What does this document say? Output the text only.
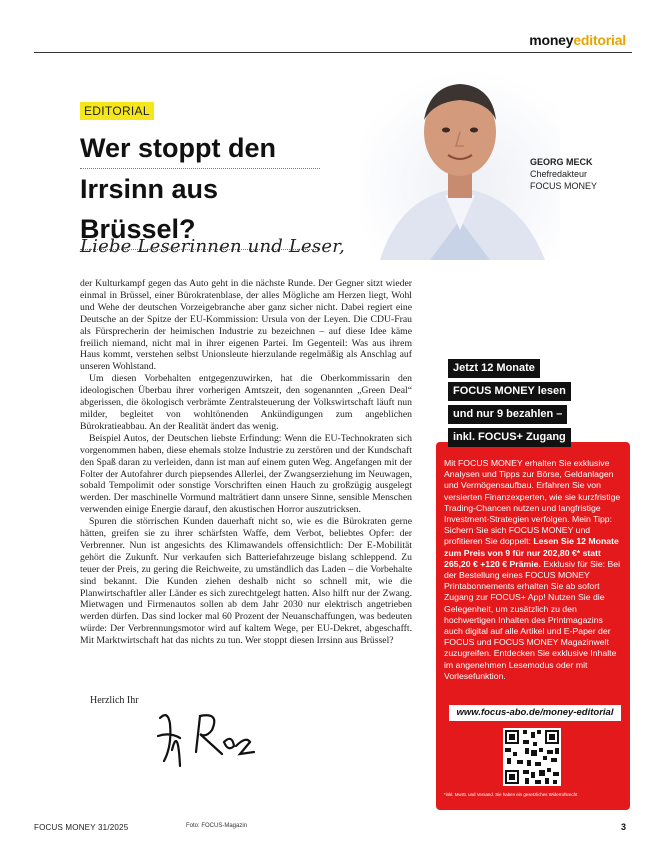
moneyeditorial
EDITORIAL
Wer stoppt den
Irrsinn aus Brüssel?
GEORG MECK
Chefredakteur
FOCUS MONEY
Liebe Leserinnen und Leser,

der Kulturkampf gegen das Auto geht in die nächste Runde. Der Gegner sitzt wieder einmal in Brüssel, einer Bürokratenblase, der alles Mögliche am Herzen liegt, Wohl und Wehe der deutschen Vorzeigebranche aber ganz sicher nicht. Dabei regiert eine Deutsche an der Spitze der EU-Kommission: Ursula von der Leyen. Die CDU-Frau als Fürsprecherin der heimischen Industrie zu bezeichnen – auf diese Idee käme freilich niemand, nicht mal in ihrer eigenen Partei. Im Gegenteil: Was aus ihrem Haus kommt, verstehen selbst Unionsleute hierzulande regelmäßig als Anschlag auf unseren Wohlstand.

Um diesen Vorbehalten entgegenzuwirken, hat die Oberkommissarin den ideologischen Überbau ihrer vorherigen Amtszeit, den sogenannten „Green Deal“ abgerissen, die ökologisch verbrämte Zentralsteuerung der Volkswirtschaft läuft nun milder, begleitet von wohltönenden Ankündigungen zum angeblichen Bürokratieabbau. An der Realität ändert das wenig.

Beispiel Autos, der Deutschen liebste Erfindung: Wenn die EU-Technokraten sich vorgenommen haben, diese ehemals stolze Industrie zu zerstören und der Kundschaft den Spaß daran zu verleiden, dann ist man auf einem guten Weg. Angefangen mit der Folter der Autofahrer durch piepsendes Allerlei, der Zwangserziehung im Neuwagen, sobald Tempolimit oder sonstige Vorschriften einen Hauch zu großzügig ausgelegt werden. Der maschinelle Vormund malträtiert dann unsere Sinne, sensible Menschen verwenden einige Energie darauf, den akustischen Horror auszutricksen.

Spuren die störrischen Kunden dauerhaft nicht so, wie es die Bürokraten gerne hätten, greifen sie zu ihrer schärfsten Waffe, dem Verbot, beliebtes Opfer: der Verbrenner. Nun ist angesichts des Klimawandels offensichtlich: Der E-Mobilität gehört die Zukunft. Nur verkaufen sich Batteriefahrzeuge bislang schleppend. Zu teuer der Preis, zu gering die Reichweite, zu umständlich das Laden – die Vorbehalte sind bekannt. Die Kunden ziehen deshalb nicht so schnell mit, wie die Planwirtschaftler aller Länder es sich zurechtgelegt hatten. Also hilft nur der Zwang. Mietwagen und Firmenautos sollen ab dem Jahr 2030 nur elektrisch angetrieben werden dürfen. Das sind locker mal 60 Prozent der Neuanschaffungen, was bedeuten würde: Der Verbrennungsmotor wird auf kaltem Wege, per EU-Dekret, abgeschafft. Mit Marktwirtschaft hat das nichts zu tun. Wer stoppt diesen Irrsinn aus Brüssel?

Herzlich Ihr
Jetzt 12 Monate
FOCUS MONEY lesen
und nur 9 bezahlen –
inkl. FOCUS+ Zugang
Mit FOCUS MONEY erhalten Sie exklusive Analysen und Tipps zur Börse, Geldanlagen und Vermögensaufbau. Erfahren Sie von versierten Finanzexperten, wie sie kurzfristige Trading-Chancen nutzen und langfristige Investment-Strategien verfolgen. Mein Tipp: Sichern Sie sich FOCUS MONEY und profitieren Sie doppelt: Lesen Sie 12 Monate zum Preis von 9 für nur 202,80 €* statt 265,20 € +120 € Prämie. Exklusiv für Sie: Bei der Bestellung eines FOCUS MONEY Printabonnements erhalten Sie ab sofort Zugang zur FOCUS+ App! Nutzen Sie die Gelegenheit, um zusätzlich zu den hochwertigen Inhalten des Printmagazins auch digital auf alle Artikel und E-Paper der FOCUS und FOCUS MONEY Magazinwelt zuzugreifen. Entdecken Sie exklusive Inhalte im angenehmen Lesemodus oder mit Vorlesefunktion.
www.focus-abo.de/money-editorial
*inkl. MwSt. und Versand. Sie haben ein gesetzliches Widerrufsrecht
FOCUS MONEY 31/2025	Foto: FOCUS-Magazin	3
